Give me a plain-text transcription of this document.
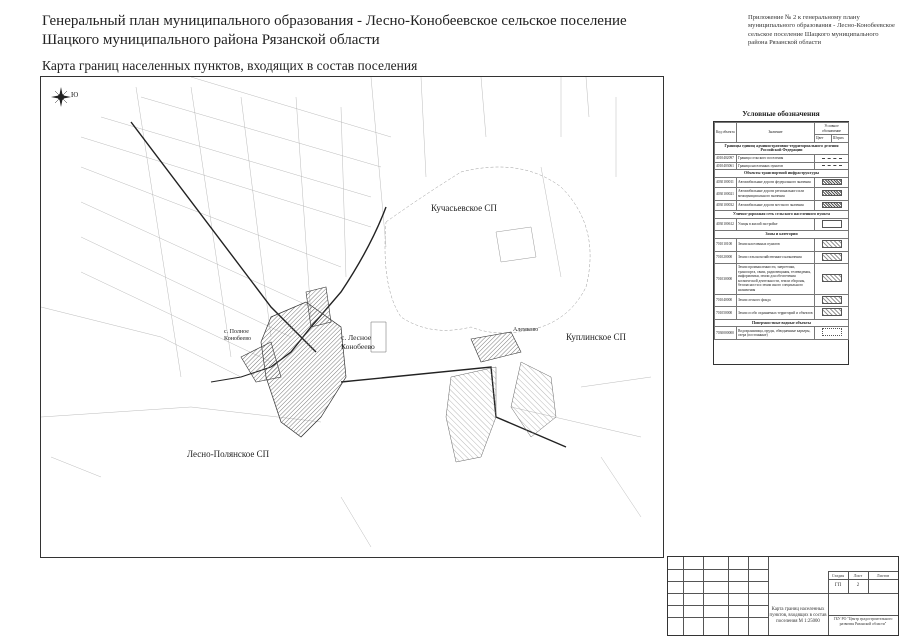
Генеральный план муниципального образования - Лесно-Конобеевское сельское поселение Шацкого муниципального района Рязанской области
Карта границ населенных пунктов, входящих в состав поселения
Приложение № 2 к генеральному плану муниципального образования - Лесно-Конобеевское сельское поселение Шацкого муниципального района Рязанской области
Ю
Кучасьевское СП
Куплинское СП
Лесно-Полянское СП
с. Лесное Конобеево
с. Полное Конобеево
Алемково
Условные обозначения
Код объекта	Значение	Условное обозначение	
		Цвет	Штрих
Границы единиц административно-территориального деления Российской Федерации			
4010402097	Граница сельского поселения		
4010403061	Граница населенных пунктов		
Объекты транспортной инфраструктуры			
4030100011	Автомобильные дороги федерального значения		
4030100021	Автомобильные дороги регионального или межмуниципального значения		
4030100032	Автомобильные дороги местного значения		
Улично-дорожная сеть сельского населенного пункта			
4030100612	Улицы в жилой застройке		
Зоны и категории			
701010100	Земли населенных пунктов		
701020000	Земли сельскохозяйственного назначения		
701030000	Земли промышленности, энергетики, транспорта, связи, радиовещания, телевидения, информатики, земли для обеспечения космической деятельности, земли обороны, безопасности и земли иного специального назначения		
701040000	Земли лесного фонда		
701050000	Земли особо охраняемых территорий и объектов		
Поверхностные водные объекты			
7030000000	Водохранилища, пруды, обводненные карьеры, озера (постоянные)		
Стадия	Лист	Листов
ГП	2
Карта границ населенных пунктов, входящих в состав поселения М 1:25000	ГБУ РО "Центр градостроительного развития Рязанской области"
